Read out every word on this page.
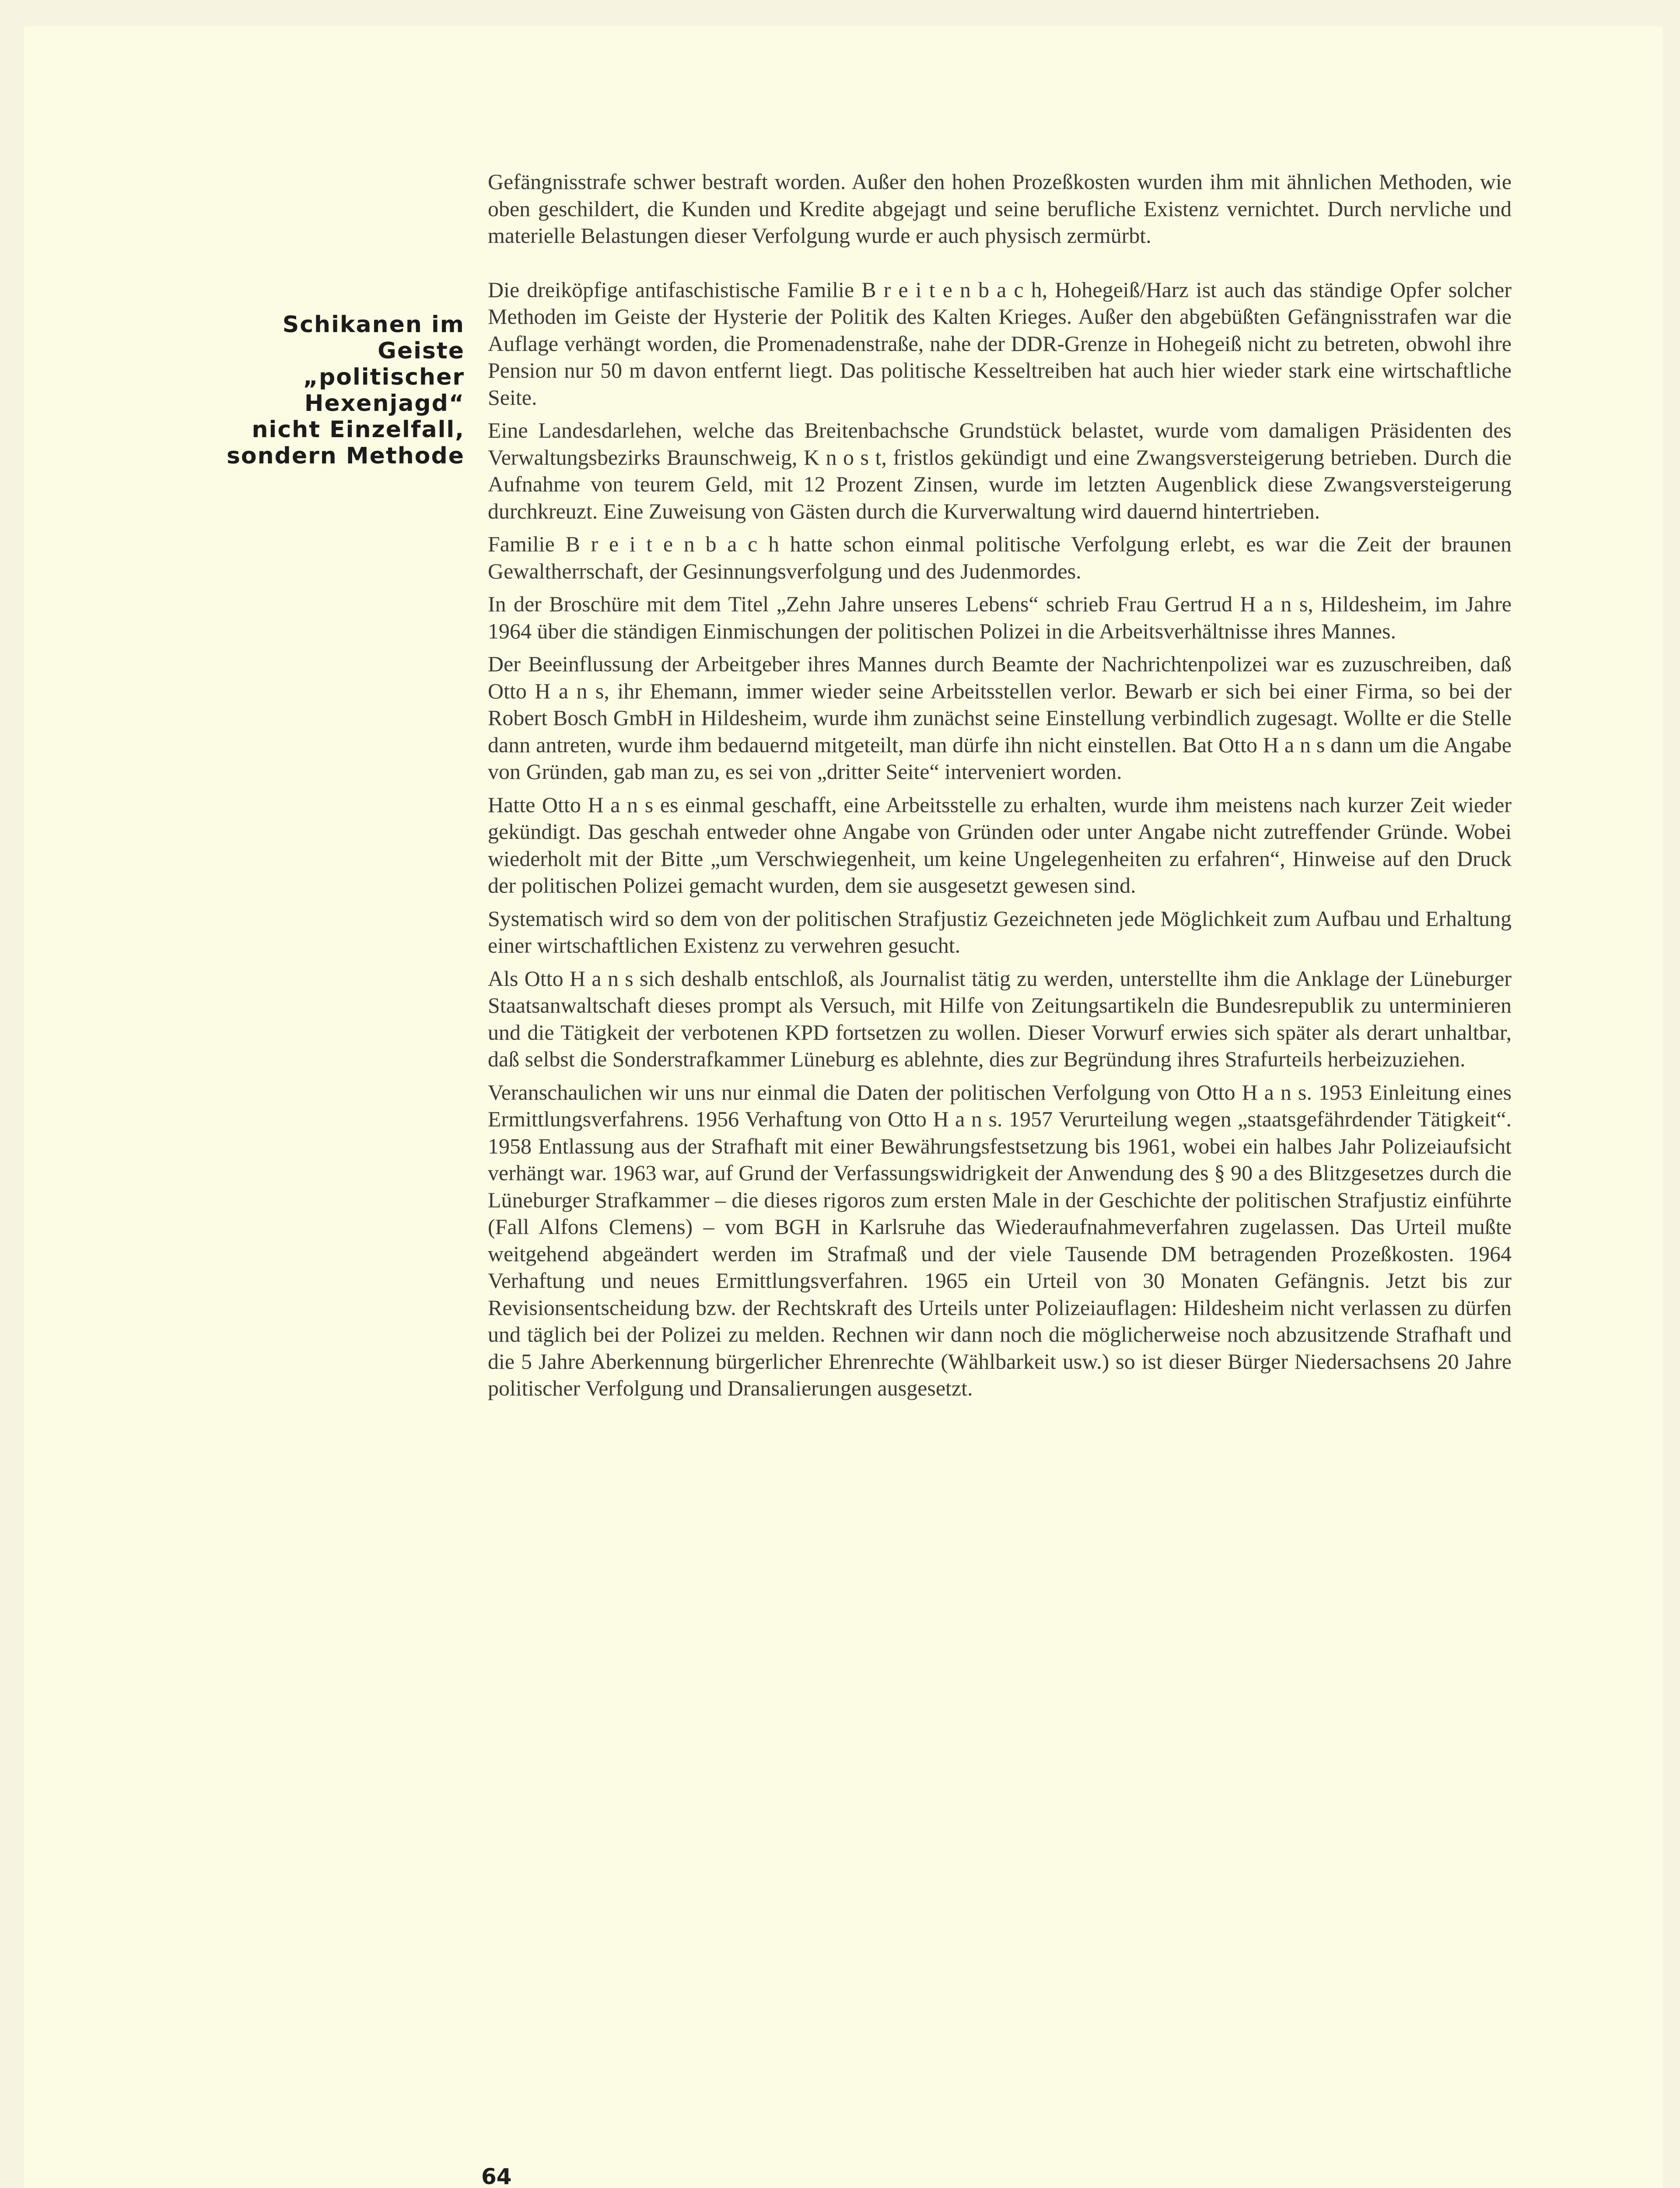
Schikanen im
Geiste
„politischer
Hexenjagd“
nicht Einzelfall,
sondern Methode

Gefängnisstrafe schwer bestraft worden. Außer den hohen Prozeßkosten wurden ihm mit ähnlichen Methoden, wie oben geschildert, die Kunden und Kredite abgejagt und seine berufliche Existenz vernichtet. Durch nervliche und materielle Belastungen dieser Verfolgung wurde er auch physisch zermürbt.

Die dreiköpfige antifaschistische Familie B r e i t e n b a c h, Hohegeiß/Harz ist auch das ständige Opfer solcher Methoden im Geiste der Hysterie der Politik des Kalten Krieges. Außer den abgebüßten Gefängnisstrafen war die Auflage verhängt worden, die Promenadenstraße, nahe der DDR-Grenze in Hohegeiß nicht zu betreten, obwohl ihre Pension nur 50 m davon entfernt liegt. Das politische Kesseltreiben hat auch hier wieder stark eine wirtschaftliche Seite.

Eine Landesdarlehen, welche das Breitenbachsche Grundstück belastet, wurde vom damaligen Präsidenten des Verwaltungsbezirks Braunschweig, K n o s t, fristlos gekündigt und eine Zwangsversteigerung betrieben. Durch die Aufnahme von teurem Geld, mit 12 Prozent Zinsen, wurde im letzten Augenblick diese Zwangsversteigerung durchkreuzt. Eine Zuweisung von Gästen durch die Kurverwaltung wird dauernd hintertrieben.

Familie B r e i t e n b a c h hatte schon einmal politische Verfolgung erlebt, es war die Zeit der braunen Gewaltherrschaft, der Gesinnungsverfolgung und des Judenmordes.

In der Broschüre mit dem Titel „Zehn Jahre unseres Lebens“ schrieb Frau Gertrud H a n s, Hildesheim, im Jahre 1964 über die ständigen Einmischungen der politischen Polizei in die Arbeitsverhältnisse ihres Mannes.

Der Beeinflussung der Arbeitgeber ihres Mannes durch Beamte der Nachrichtenpolizei war es zuzuschreiben, daß Otto H a n s, ihr Ehemann, immer wieder seine Arbeitsstellen verlor. Bewarb er sich bei einer Firma, so bei der Robert Bosch GmbH in Hildesheim, wurde ihm zunächst seine Einstellung verbindlich zugesagt. Wollte er die Stelle dann antreten, wurde ihm bedauernd mitgeteilt, man dürfe ihn nicht einstellen. Bat Otto H a n s dann um die Angabe von Gründen, gab man zu, es sei von „dritter Seite“ interveniert worden.

Hatte Otto H a n s es einmal geschafft, eine Arbeitsstelle zu erhalten, wurde ihm meistens nach kurzer Zeit wieder gekündigt. Das geschah entweder ohne Angabe von Gründen oder unter Angabe nicht zutreffender Gründe. Wobei wiederholt mit der Bitte „um Verschwiegenheit, um keine Ungelegenheiten zu erfahren“, Hinweise auf den Druck der politischen Polizei gemacht wurden, dem sie ausgesetzt gewesen sind.

Systematisch wird so dem von der politischen Strafjustiz Gezeichneten jede Möglichkeit zum Aufbau und Erhaltung einer wirtschaftlichen Existenz zu verwehren gesucht.

Als Otto H a n s sich deshalb entschloß, als Journalist tätig zu werden, unterstellte ihm die Anklage der Lüneburger Staatsanwaltschaft dieses prompt als Versuch, mit Hilfe von Zeitungsartikeln die Bundesrepublik zu unterminieren und die Tätigkeit der verbotenen KPD fortsetzen zu wollen. Dieser Vorwurf erwies sich später als derart unhaltbar, daß selbst die Sonderstrafkammer Lüneburg es ablehnte, dies zur Begründung ihres Strafurteils herbeizuziehen.

Veranschaulichen wir uns nur einmal die Daten der politischen Verfolgung von Otto H a n s. 1953 Einleitung eines Ermittlungsverfahrens. 1956 Verhaftung von Otto H a n s. 1957 Verurteilung wegen „staatsgefährdender Tätigkeit“. 1958 Entlassung aus der Strafhaft mit einer Bewährungsfestsetzung bis 1961, wobei ein halbes Jahr Polizeiaufsicht verhängt war. 1963 war, auf Grund der Verfassungswidrigkeit der Anwendung des § 90 a des Blitzgesetzes durch die Lüneburger Strafkammer – die dieses rigoros zum ersten Male in der Geschichte der politischen Strafjustiz einführte (Fall Alfons Clemens) – vom BGH in Karlsruhe das Wiederaufnahmeverfahren zugelassen. Das Urteil mußte weitgehend abgeändert werden im Strafmaß und der viele Tausende DM betragenden Prozeßkosten. 1964 Verhaftung und neues Ermittlungsverfahren. 1965 ein Urteil von 30 Monaten Gefängnis. Jetzt bis zur Revisionsentscheidung bzw. der Rechtskraft des Urteils unter Polizeiauflagen: Hildesheim nicht verlassen zu dürfen und täglich bei der Polizei zu melden. Rechnen wir dann noch die möglicherweise noch abzusitzende Strafhaft und die 5 Jahre Aberkennung bürgerlicher Ehrenrechte (Wählbarkeit usw.) so ist dieser Bürger Niedersachsens 20 Jahre politischer Verfolgung und Dransalierungen ausgesetzt.

64
